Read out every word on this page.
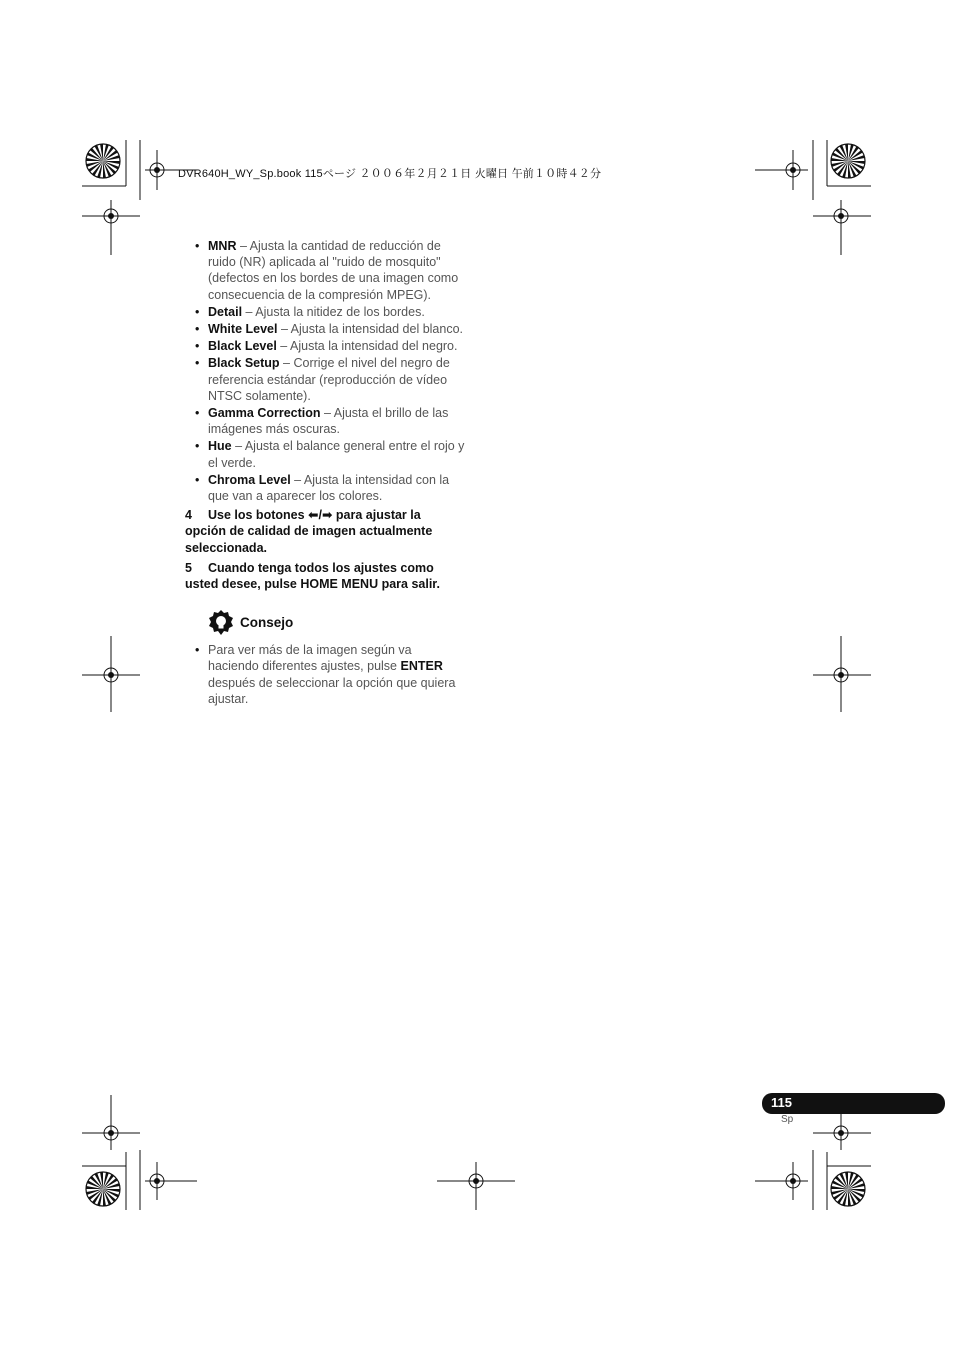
DVR640H_WY_Sp.book 115ページ ２００６年２月２１日 火曜日 午前１０時４２分
• MNR – Ajusta la cantidad de reducción de ruido (NR) aplicada al "ruido de mosquito" (defectos en los bordes de una imagen como consecuencia de la compresión MPEG).
• Detail – Ajusta la nitidez de los bordes.
• White Level – Ajusta la intensidad del blanco.
• Black Level – Ajusta la intensidad del negro.
• Black Setup – Corrige el nivel del negro de referencia estándar (reproducción de vídeo NTSC solamente).
• Gamma Correction – Ajusta el brillo de las imágenes más oscuras.
• Hue – Ajusta el balance general entre el rojo y el verde.
• Chroma Level – Ajusta la intensidad con la que van a aparecer los colores.
4 Use los botones ⬅/➡ para ajustar la opción de calidad de imagen actualmente seleccionada.
5 Cuando tenga todos los ajustes como usted desee, pulse HOME MENU para salir.
Consejo
• Para ver más de la imagen según va haciendo diferentes ajustes, pulse ENTER después de seleccionar la opción que quiera ajustar.
115
Sp
